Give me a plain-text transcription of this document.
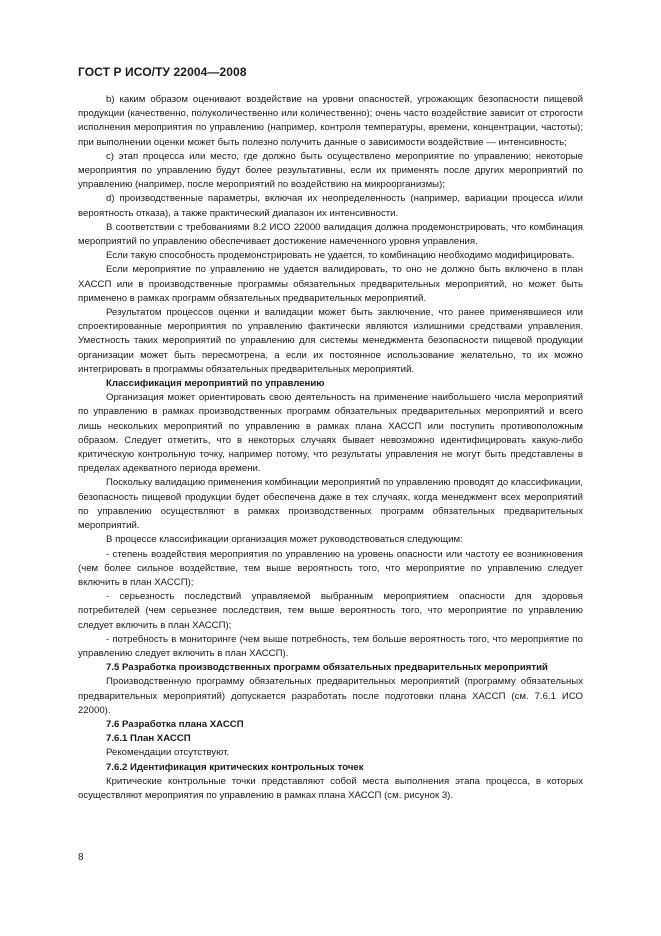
ГОСТ Р ИСО/ТУ 22004—2008

b) каким образом оценивают воздействие на уровни опасностей, угрожающих безопасности пищевой продукции (качественно, полуколичественно или количественно); очень часто воздействие зависит от строгости исполнения мероприятия по управлению (например, контроля температуры, времени, концентрации, частоты); при выполнении оценки может быть полезно получить данные о зависимости воздействие — интенсивность;

c) этап процесса или место, где должно быть осуществлено мероприятие по управлению; некоторые мероприятия по управлению будут более результативны, если их применять после других мероприятий по управлению (например, после мероприятий по воздействию на микроорганизмы);

d) производственные параметры, включая их неопределенность (например, вариации процесса и/или вероятность отказа), а также практический диапазон их интенсивности.

В соответствии с требованиями 8.2 ИСО 22000 валидация должна продемонстрировать, что комбинация мероприятий по управлению обеспечивает достижение намеченного уровня управления.

Если такую способность продемонстрировать не удается, то комбинацию необходимо модифицировать.

Если мероприятие по управлению не удается валидировать, то оно не должно быть включено в план ХАССП или в производственные программы обязательных предварительных мероприятий, но может быть применено в рамках программ обязательных предварительных мероприятий.

Результатом процессов оценки и валидации может быть заключение, что ранее применявшиеся или спроектированные мероприятия по управлению фактически являются излишними средствами управления. Уместность таких мероприятий по управлению для системы менеджмента безопасности пищевой продукции организации может быть пересмотрена, а если их постоянное использование желательно, то их можно интегрировать в программы обязательных предварительных мероприятий.

Классификация мероприятий по управлению

Организация может ориентировать свою деятельность на применение наибольшего числа мероприятий по управлению в рамках производственных программ обязательных предварительных мероприятий и всего лишь нескольких мероприятий по управлению в рамках плана ХАССП или поступить противоположным образом. Следует отметить, что в некоторых случаях бывает невозможно идентифицировать какую-либо критическую контрольную точку, например потому, что результаты управления не могут быть представлены в пределах адекватного периода времени.

Поскольку валидацию применения комбинации мероприятий по управлению проводят до классификации, безопасность пищевой продукции будет обеспечена даже в тех случаях, когда менеджмент всех мероприятий по управлению осуществляют в рамках производственных программ обязательных предварительных мероприятий.

В процессе классификации организация может руководствоваться следующим:

- степень воздействия мероприятия по управлению на уровень опасности или частоту ее возникновения (чем более сильное воздействие, тем выше вероятность того, что мероприятие по управлению следует включить в план ХАССП);

- серьезность последствий управляемой выбранным мероприятием опасности для здоровья потребителей (чем серьезнее последствия, тем выше вероятность того, что мероприятие по управлению следует включить в план ХАССП);

- потребность в мониторинге (чем выше потребность, тем больше вероятность того, что мероприятие по управлению следует включить в план ХАССП).

7.5 Разработка производственных программ обязательных предварительных мероприятий

Производственную программу обязательных предварительных мероприятий (программу обязательных предварительных мероприятий) допускается разработать после подготовки плана ХАССП (см. 7.6.1 ИСО 22000).

7.6 Разработка плана ХАССП

7.6.1 План ХАССП

Рекомендации отсутствуют.

7.6.2 Идентификация критических контрольных точек

Критические контрольные точки представляют собой места выполнения этапа процесса, в которых осуществляют мероприятия по управлению в рамках плана ХАССП (см. рисунок 3).

8
